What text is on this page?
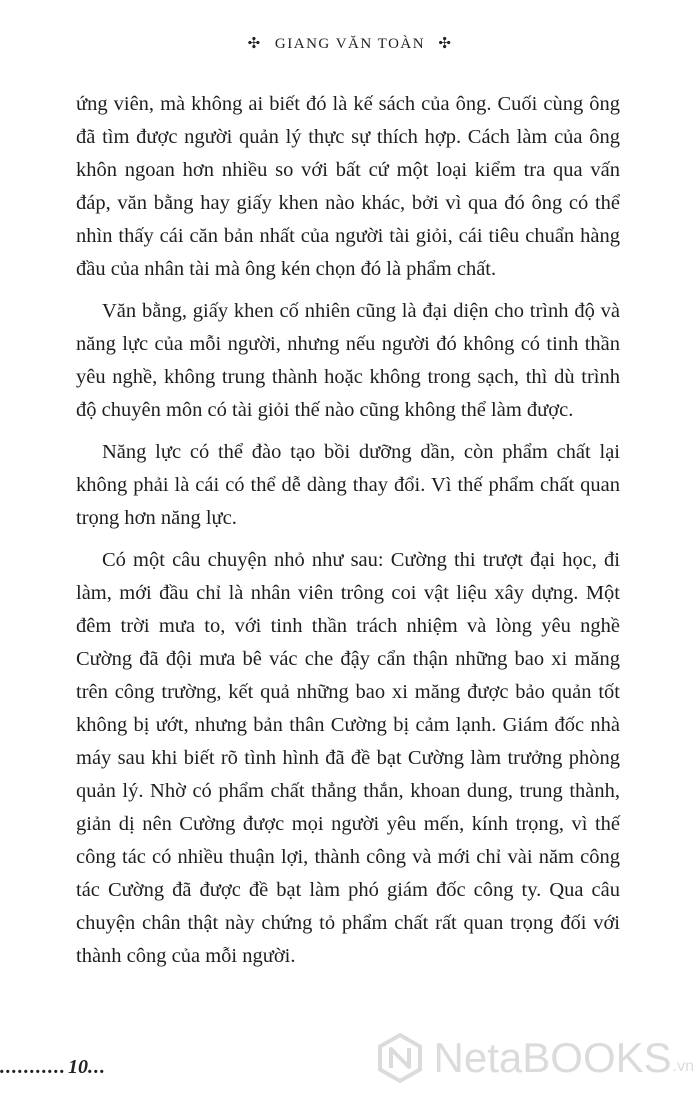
✣ GIANG VĂN TOÀN ✣

ứng viên, mà không ai biết đó là kế sách của ông. Cuối cùng ông đã tìm được người quản lý thực sự thích hợp. Cách làm của ông khôn ngoan hơn nhiều so với bất cứ một loại kiểm tra qua vấn đáp, văn bằng hay giấy khen nào khác, bởi vì qua đó ông có thể nhìn thấy cái căn bản nhất của người tài giỏi, cái tiêu chuẩn hàng đầu của nhân tài mà ông kén chọn đó là phẩm chất.

Văn bằng, giấy khen cố nhiên cũng là đại diện cho trình độ và năng lực của mỗi người, nhưng nếu người đó không có tinh thần yêu nghề, không trung thành hoặc không trong sạch, thì dù trình độ chuyên môn có tài giỏi thế nào cũng không thể làm được.

Năng lực có thể đào tạo bồi dưỡng dần, còn phẩm chất lại không phải là cái có thể dễ dàng thay đổi. Vì thế phẩm chất quan trọng hơn năng lực.

Có một câu chuyện nhỏ như sau: Cường thi trượt đại học, đi làm, mới đầu chỉ là nhân viên trông coi vật liệu xây dựng. Một đêm trời mưa to, với tinh thần trách nhiệm và lòng yêu nghề Cường đã đội mưa bê vác che đậy cẩn thận những bao xi măng trên công trường, kết quả những bao xi măng được bảo quản tốt không bị ướt, nhưng bản thân Cường bị cảm lạnh. Giám đốc nhà máy sau khi biết rõ tình hình đã đề bạt Cường làm trưởng phòng quản lý. Nhờ có phẩm chất thẳng thắn, khoan dung, trung thành, giản dị nên Cường được mọi người yêu mến, kính trọng, vì thế công tác có nhiều thuận lợi, thành công và mới chỉ vài năm công tác Cường đã được đề bạt làm phó giám đốc công ty. Qua câu chuyện chân thật này chứng tỏ phẩm chất rất quan trọng đối với thành công của mỗi người.

........... 10...	NetaBOOKS .vn
